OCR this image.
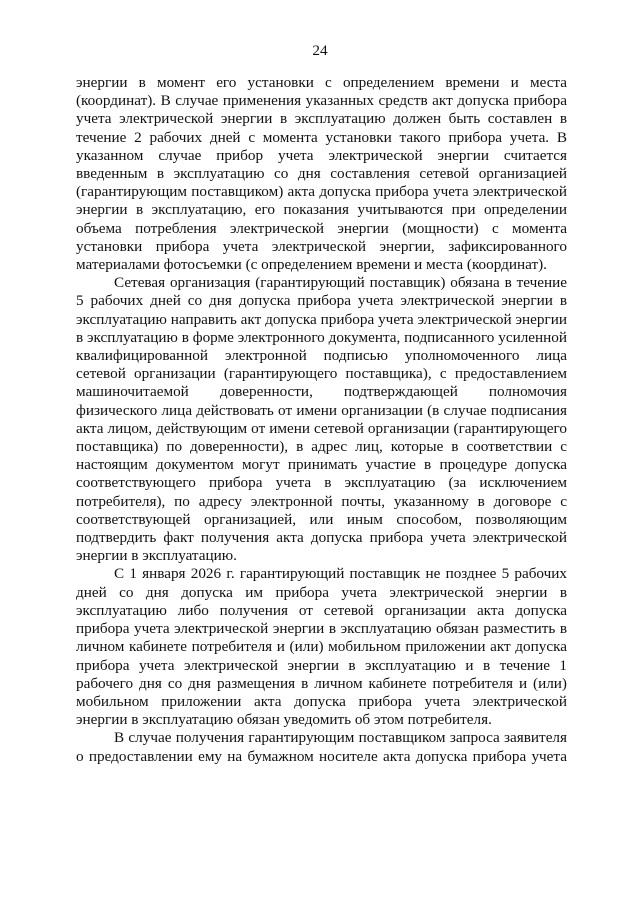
24

энергии в момент его установки с определением времени и места (координат). В случае применения указанных средств акт допуска прибора учета электрической энергии в эксплуатацию должен быть составлен в течение 2 рабочих дней с момента установки такого прибора учета. В указанном случае прибор учета электрической энергии считается введенным в эксплуатацию со дня составления сетевой организацией (гарантирующим поставщиком) акта допуска прибора учета электрической энергии в эксплуатацию, его показания учитываются при определении объема потребления электрической энергии (мощности) с момента установки прибора учета электрической энергии, зафиксированного материалами фотосъемки (с определением времени и места (координат).

Сетевая организация (гарантирующий поставщик) обязана в течение 5 рабочих дней со дня допуска прибора учета электрической энергии в эксплуатацию направить акт допуска прибора учета электрической энергии в эксплуатацию в форме электронного документа, подписанного усиленной квалифицированной электронной подписью уполномоченного лица сетевой организации (гарантирующего поставщика), с предоставлением машиночитаемой доверенности, подтверждающей полномочия физического лица действовать от имени организации (в случае подписания акта лицом, действующим от имени сетевой организации (гарантирующего поставщика) по доверенности), в адрес лиц, которые в соответствии с настоящим документом могут принимать участие в процедуре допуска соответствующего прибора учета в эксплуатацию (за исключением потребителя), по адресу электронной почты, указанному в договоре с соответствующей организацией, или иным способом, позволяющим подтвердить факт получения акта допуска прибора учета электрической энергии в эксплуатацию.

С 1 января 2026 г. гарантирующий поставщик не позднее 5 рабочих дней со дня допуска им прибора учета электрической энергии в эксплуатацию либо получения от сетевой организации акта допуска прибора учета электрической энергии в эксплуатацию обязан разместить в личном кабинете потребителя и (или) мобильном приложении акт допуска прибора учета электрической энергии в эксплуатацию и в течение 1 рабочего дня со дня размещения в личном кабинете потребителя и (или) мобильном приложении акта допуска прибора учета электрической энергии в эксплуатацию обязан уведомить об этом потребителя.

В случае получения гарантирующим поставщиком запроса заявителя о предоставлении ему на бумажном носителе акта допуска прибора учета
